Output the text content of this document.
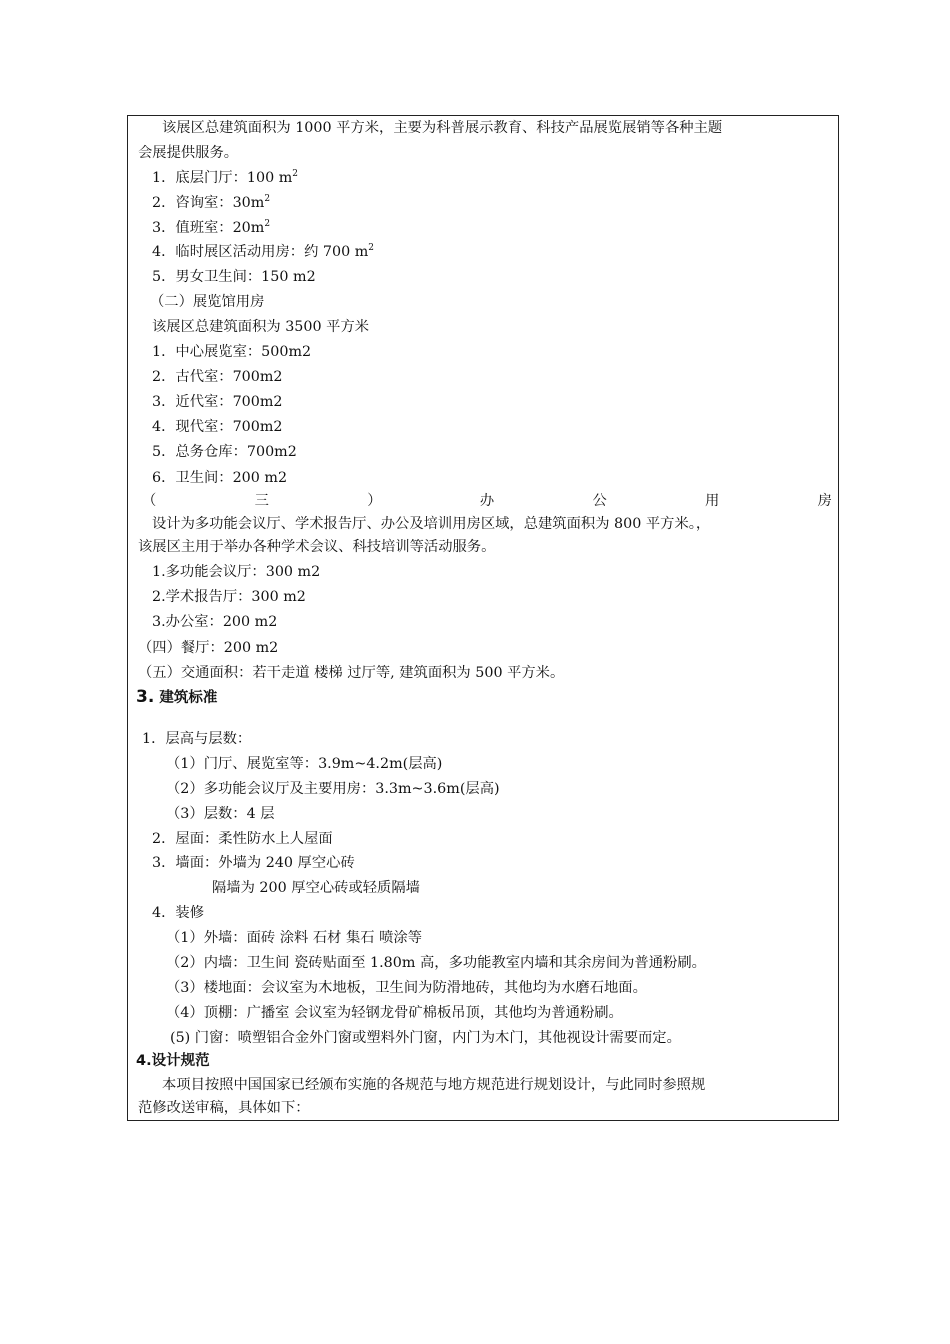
该展区总建筑面积为 1000 平方米，主要为科普展示教育、科技产品展览展销等各种主题
会展提供服务。
1．底层门厅：100 $m^2$
2．咨询室：$30m^2$
3．值班室：$20m^2$
4．临时展区活动用房：约 700 $m^2$
5．男女卫生间：150 m2
（二）展览馆用房
该展区总建筑面积为 3500 平方米
1．中心展览室：500m2
2．古代室：700m2
3．近代室：700m2
4．现代室：700m2
5．总务仓库：700m2
6．卫生间：200 m2
（	三	）	办	公	用	房
设计为多功能会议厅、学术报告厅、办公及培训用房区域，总建筑面积为 800 平方米。，
该展区主用于举办各种学术会议、科技培训等活动服务。
1.多功能会议厅：300 m2
2.学术报告厅：300 m2
3.办公室：200 m2
（四）餐厅：200 m2
（五）交通面积：若干走道 楼梯 过厅等, 建筑面积为 500 平方米。
3. 建筑标准
1．层高与层数：
（1）门厅、展览室等：3.9m~4.2m(层高)
（2）多功能会议厅及主要用房：3.3m~3.6m(层高)
（3）层数：4 层
2．屋面：柔性防水上人屋面
3．墙面：外墙为 240 厚空心砖
隔墙为 200 厚空心砖或轻质隔墙
4．装修
（1）外墙：面砖 涂料 石材 集石 喷涂等
（2）内墙：卫生间 瓷砖贴面至 1.80m 高，多功能教室内墙和其余房间为普通粉刷。
（3）楼地面：会议室为木地板，卫生间为防滑地砖，其他均为水磨石地面。
（4）顶棚：广播室 会议室为轻钢龙骨矿棉板吊顶，其他均为普通粉刷。
(5) 门窗：喷塑铝合金外门窗或塑料外门窗，内门为木门，其他视设计需要而定。
4.设计规范
本项目按照中国国家已经颁布实施的各规范与地方规范进行规划设计，与此同时参照规
范修改送审稿，具体如下：
